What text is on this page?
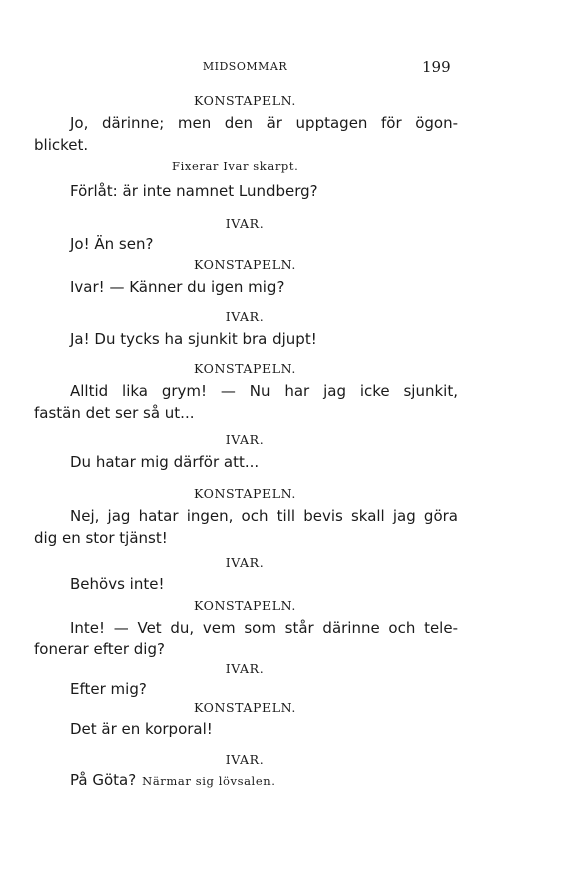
MIDSOMMAR	199
KONSTAPELN.
Jo, därinne; men den är upptagen för ögon-
blicket.
Fixerar Ivar skarpt.
Förlåt: är inte namnet Lundberg?
IVAR.
Jo! Än sen?
KONSTAPELN.
Ivar! — Känner du igen mig?
IVAR.
Ja! Du tycks ha sjunkit bra djupt!
KONSTAPELN.
Alltid lika grym! — Nu har jag icke sjunkit,
fastän det ser så ut...
IVAR.
Du hatar mig därför att...
KONSTAPELN.
Nej, jag hatar ingen, och till bevis skall jag göra
dig en stor tjänst!
IVAR.
Behövs inte!
KONSTAPELN.
Inte! — Vet du, vem som står därinne och tele-
fonerar efter dig?
IVAR.
Efter mig?
KONSTAPELN.
Det är en korporal!
IVAR.
På Göta? Närmar sig lövsalen.
